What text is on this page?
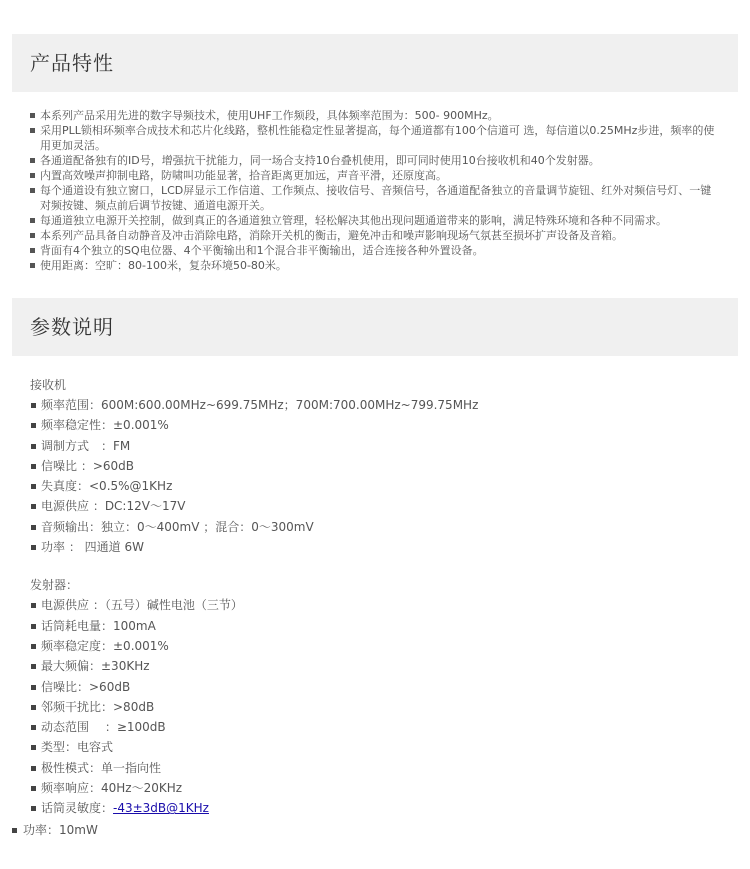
产品特性
本系列产品采用先进的数字导频技术，使用UHF工作频段，具体频率范围为：500- 900MHz。
采用PLL锁相环频率合成技术和芯片化线路，整机性能稳定性显著提高，每个通道都有100个信道可 选，每信道以0.25MHz步进，频率的使用更加灵活。
各通道配备独有的ID号，增强抗干扰能力，同一场合支持10台叠机使用，即可同时使用10台接收机和40个发射器。
内置高效噪声抑制电路，防啸叫功能显著，拾音距离更加远，声音平滑，还原度高。
每个通道设有独立窗口，LCD屏显示工作信道、工作频点、接收信号、音频信号，各通道配备独立的音量调节旋钮、红外对频信号灯、一键对频按键、频点前后调节按键、通道电源开关。
每通道独立电源开关控制，做到真正的各通道独立管理，轻松解决其他出现问题通道带来的影响，满足特殊环境和各种不同需求。
本系列产品具备自动静音及冲击消除电路，消除开关机的衡击，避免冲击和噪声影响现场气氛甚至损坏扩声设备及音箱。
背面有4个独立的SQ电位器、4个平衡输出和1个混合非平衡输出，适合连接各种外置设备。
使用距离：空旷：80-100米，复杂环境50-80米。
参数说明
接收机
频率范围：600M:600.00MHz~699.75MHz；700M:700.00MHz~799.75MHz
频率稳定性：±0.001%
调制方式　：FM
信噪比 ：>60dB
失真度：<0.5%@1KHz
电源供应 ：DC:12V～17V
音频输出：独立：0～400mV ；混合：0～300mV
功率 ： 四通道 6W
发射器：
电源供应 ：（五号）碱性电池（三节）
话筒耗电量：100mA
频率稳定度：±0.001%
最大频偏：±30KHz
信噪比：>60dB
邻频干扰比：>80dB
动态范围　 ：≥100dB
类型：电容式
极性模式：单一指向性
频率响应：40Hz～20KHz
话筒灵敏度：-43±3dB@1KHz
功率：10mW
